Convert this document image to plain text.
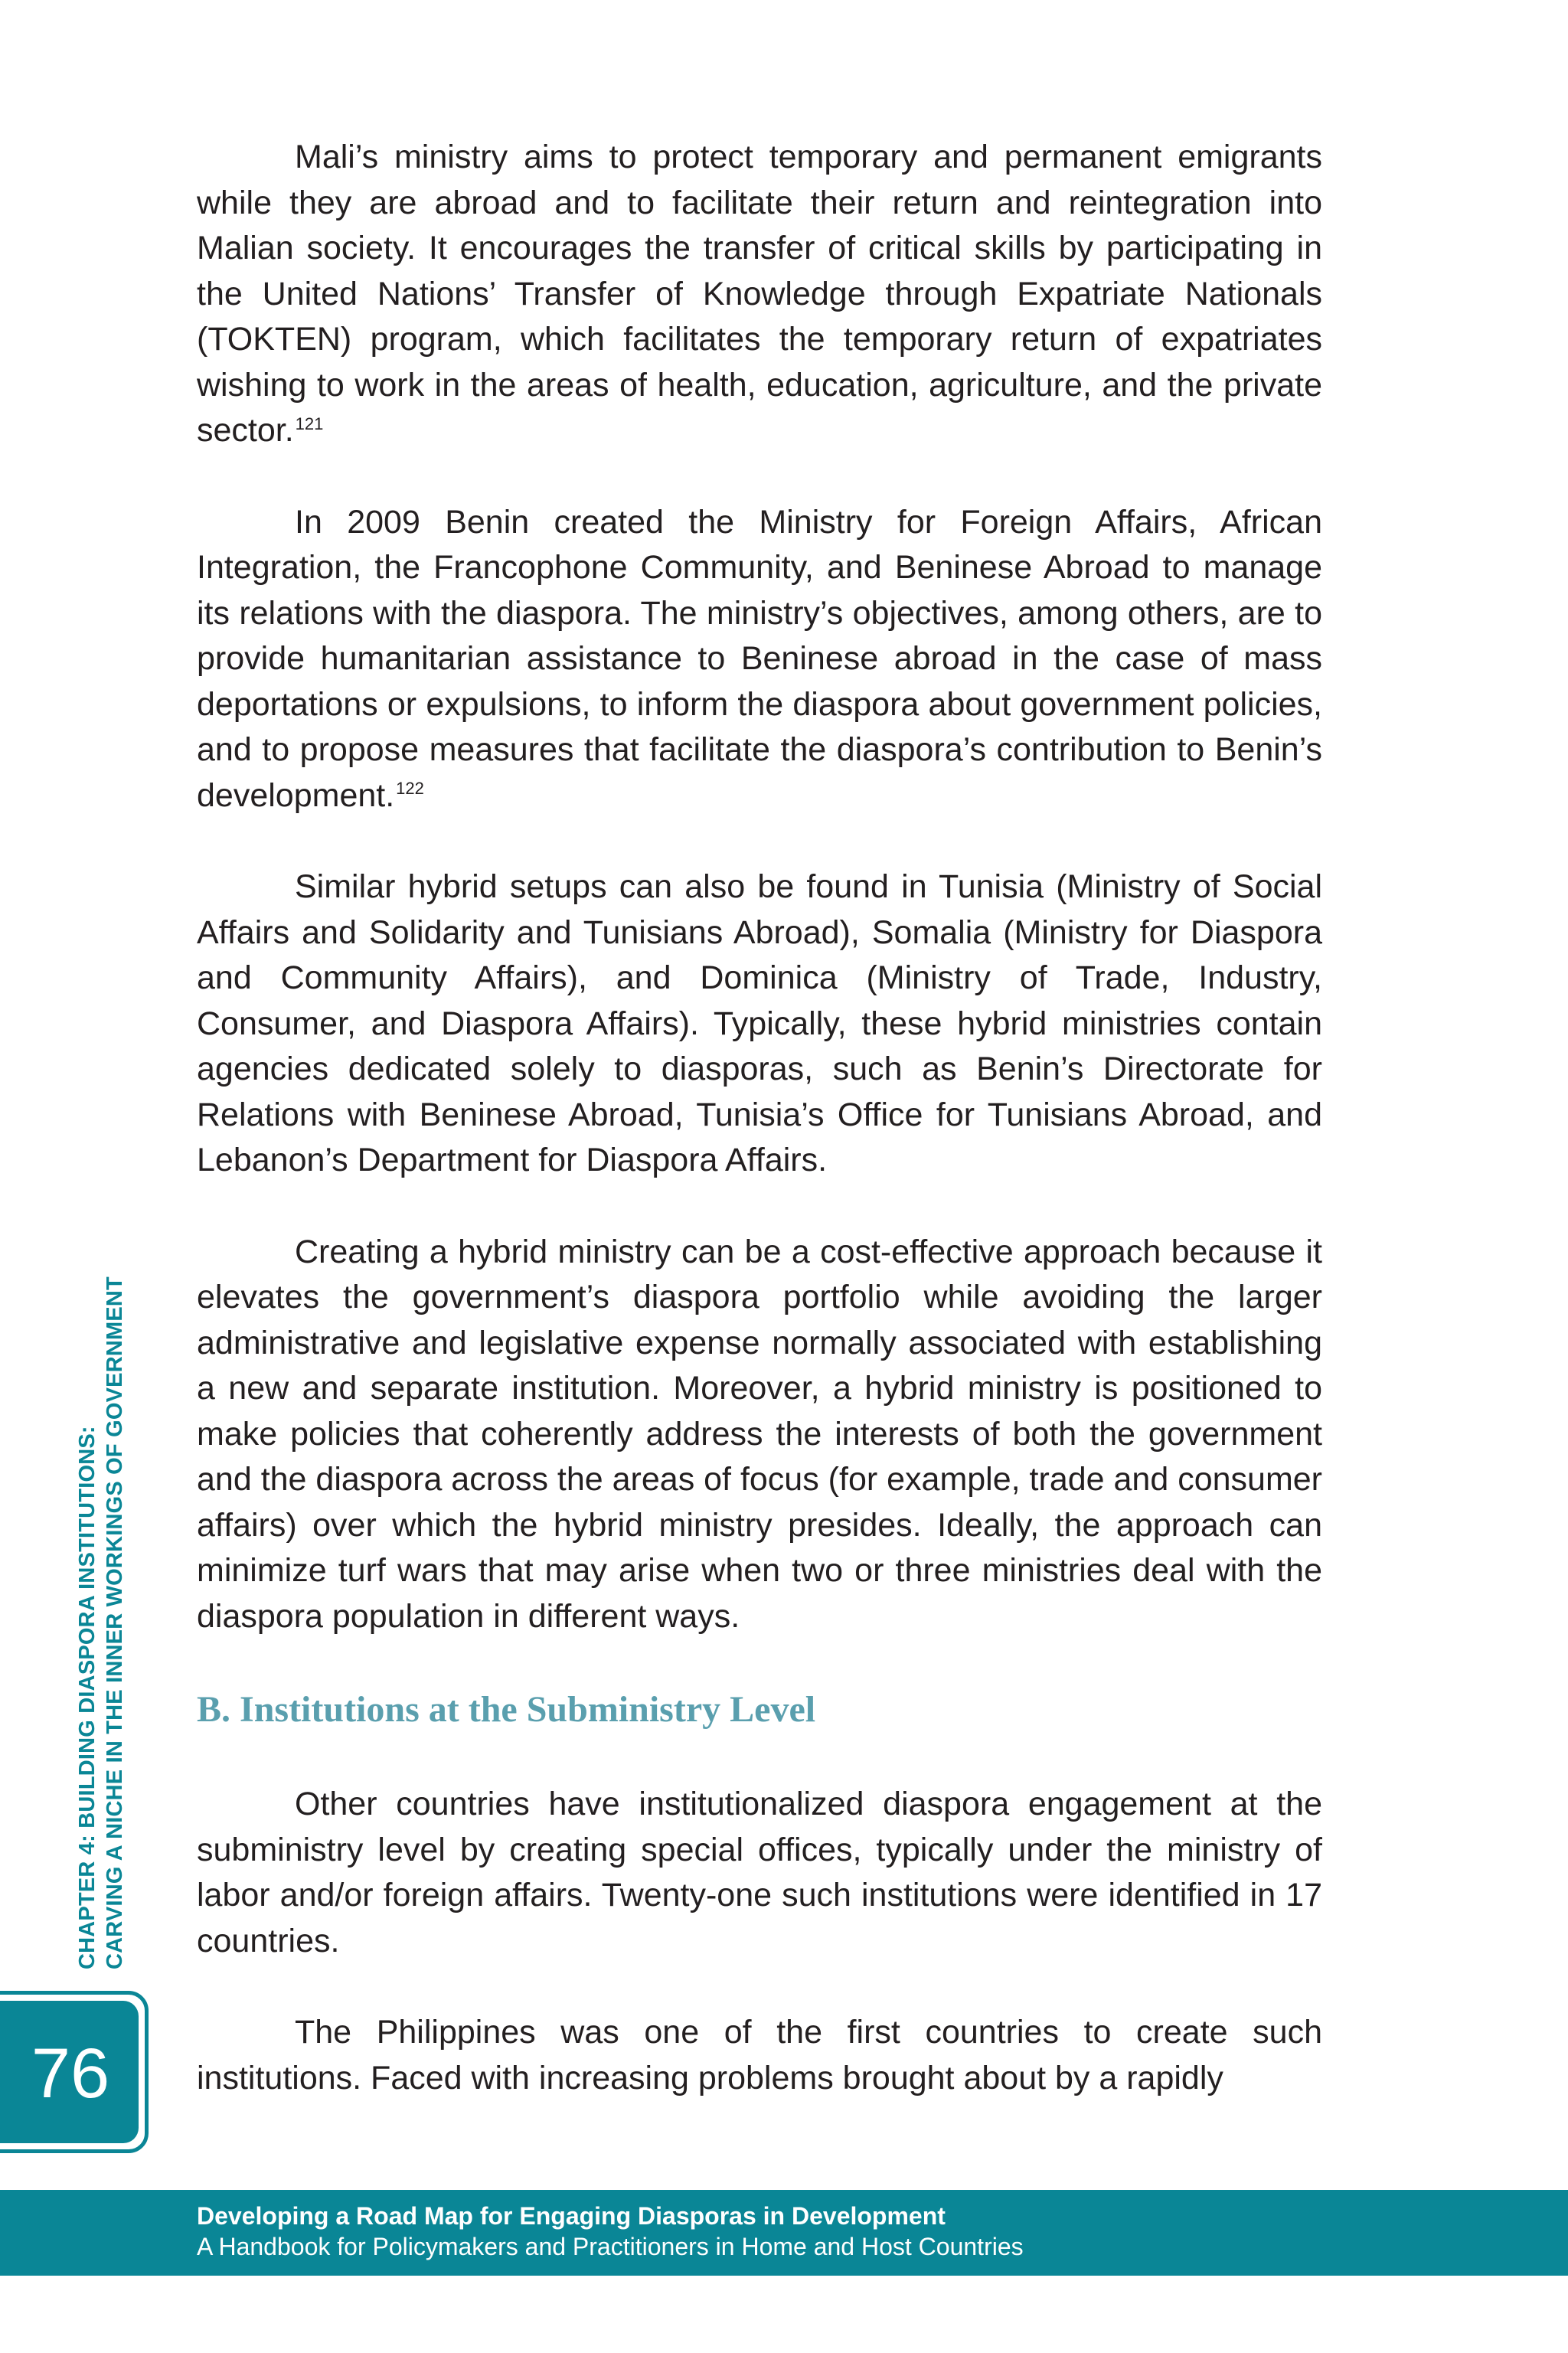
Mali’s ministry aims to protect temporary and permanent emigrants while they are abroad and to facilitate their return and reintegration into Malian society. It encourages the transfer of critical skills by participating in the United Nations’ Transfer of Knowledge through Expatriate Nationals (TOKTEN) program, which facilitates the temporary return of expatriates wishing to work in the areas of health, education, agriculture, and the private sector.$^{121}$

In 2009 Benin created the Ministry for Foreign Affairs, African Integration, the Francophone Community, and Beninese Abroad to manage its relations with the diaspora. The ministry’s objectives, among others, are to provide humanitarian assistance to Beninese abroad in the case of mass deportations or expulsions, to inform the diaspora about government policies, and to propose measures that facilitate the diaspora’s contribution to Benin’s development.$^{122}$

Similar hybrid setups can also be found in Tunisia (Ministry of Social Affairs and Solidarity and Tunisians Abroad), Somalia (Ministry for Diaspora and Community Affairs), and Dominica (Ministry of Trade, Industry, Consumer, and Diaspora Affairs). Typically, these hybrid ministries contain agencies dedicated solely to diasporas, such as Benin’s Directorate for Relations with Beninese Abroad, Tunisia’s Office for Tunisians Abroad, and Lebanon’s Department for Diaspora Affairs.

Creating a hybrid ministry can be a cost-effective approach because it elevates the government’s diaspora portfolio while avoiding the larger administrative and legislative expense normally associated with establishing a new and separate institution. Moreover, a hybrid ministry is positioned to make policies that coherently address the interests of both the government and the diaspora across the areas of focus (for example, trade and consumer affairs) over which the hybrid ministry presides. Ideally, the approach can minimize turf wars that may arise when two or three ministries deal with the diaspora population in different ways.

B. Institutions at the Subministry Level

Other countries have institutionalized diaspora engagement at the subministry level by creating special offices, typically under the ministry of labor and/or foreign affairs. Twenty-one such institutions were identified in 17 countries.

The Philippines was one of the first countries to create such institutions. Faced with increasing problems brought about by a rapidly

CHAPTER 4: BUILDING DIASPORA INSTITUTIONS: CARVING A NICHE IN THE INNER WORKINGS OF GOVERNMENT
76
Developing a Road Map for Engaging Diasporas in Development
A Handbook for Policymakers and Practitioners in Home and Host Countries
